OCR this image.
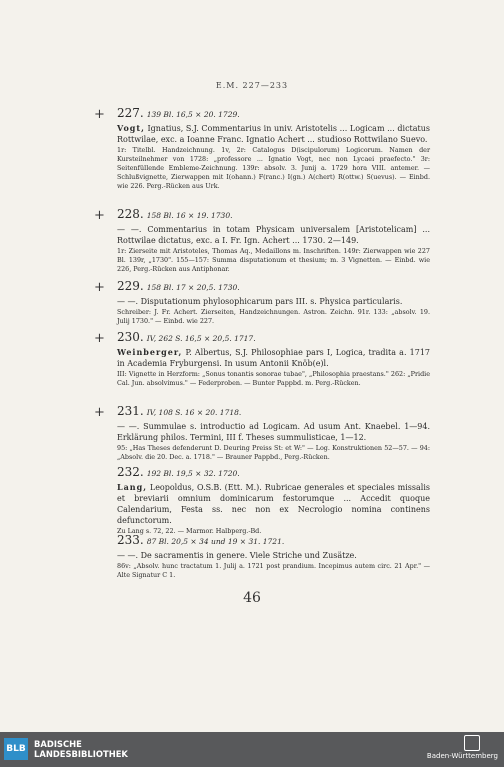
E.M. 227—233
+ 227. 139 Bl. 16,5 × 20. 1729.

Vogt, Ignatius, S.J. Commentarius in univ. Aristotelis ... Logicam ... dictatus Rottwilae, exc. a Ioanne Franc. Ignatio Achert ... studioso Rottwilano Suevo.

1r: Titelbl. Handzeichnung. 1v, 2r: Catalogus D(iscipulorum) Logicorum. Namen der Kursteilnehmer von 1728: „professore ... Ignatio Vogt, nec non Lycaei praefecto." 3r: Seitenfüllende Embleme-Zeichnung. 139r: absolv. 3. Junij a. 1729 hora VIII. antemer. — Schlußvignette, Zierwappen mit I(ohann.) F(ranc.) I(gn.) A(chert) R(ottw.) S(uevus). — Einbd. wie 226. Perg.-Rücken aus Urk.

+ 228. 158 Bl. 16 × 19. 1730.

— —. Commentarius in totam Physicam universalem [Aristotelicam] ... Rottwilae dictatus, exc. a I. Fr. Ign. Achert ... 1730. 2—149.

1r: Zierseite mit Aristoteles, Thomas Aq., Medaillons m. Inschriften. 149r: Zierwappen wie 227 Bl. 139r, „1730". 155—157: Summa disputationum et thesium; m. 3 Vignetten. — Einbd. wie 226, Perg.-Rücken aus Antiphonar.

+ 229. 158 Bl. 17 × 20,5. 1730.

— —. Disputationum phylosophicarum pars III. s. Physica particularis.

Schreiber: J. Fr. Achert. Zierseiten, Handzeichnungen. Astron. Zeichn. 91r. 133: „absolv. 19. Julij 1730." — Einbd. wie 227.

+ 230. IV, 262 S. 16,5 × 20,5. 1717.

Weinberger, P. Albertus, S.J. Philosophiae pars I, Logica, tradita a. 1717 in Academia Fryburgensi. In usum Antonii Knöb(e)l.

III: Vignette in Herzform: „Sonus tonantis sonorae tubae", „Philosophia praestans." 262: „Pridie Cal. Jun. absolvimus." — Federproben. — Bunter Pappbd. m. Perg.-Rücken.

+ 231. IV, 108 S. 16 × 20. 1718.

— —. Summulae s. introductio ad Logicam. Ad usum Ant. Knaebel. 1—94. Erklärung philos. Termini, III f. Theses summulisticae, 1—12.

95: „Has Theses defenderunt D. Deuring Preiss St: et W:" — Log. Konstruktionen 52—57. — 94: „Absolv. die 20. Dec. a. 1718." — Brauner Pappbd., Perg.-Rücken.

232. 192 Bl. 19,5 × 32. 1720.

Lang, Leopoldus, O.S.B. (Ett. M.). Rubricae generales et speciales missalis et breviarii omnium dominicarum festorumque ... Accedit quoque Calendarium, Festa ss. nec non ex Necrologio nomina continens defunctorum.

Zu Lang s. 72, 22. — Marmor. Halbperg.-Bd.

233. 87 Bl. 20,5 × 34 und 19 × 31. 1721.

— —. De sacramentis in genere. Viele Striche und Zusätze.

86v: „Absolv. hunc tractatum 1. Julij a. 1721 post prandium. Incepimus autem circ. 21 Apr." — Alte Signatur C 1.

46
BLB BADISCHE
LANDESBIBLIOTHEK	Baden-Württemberg
